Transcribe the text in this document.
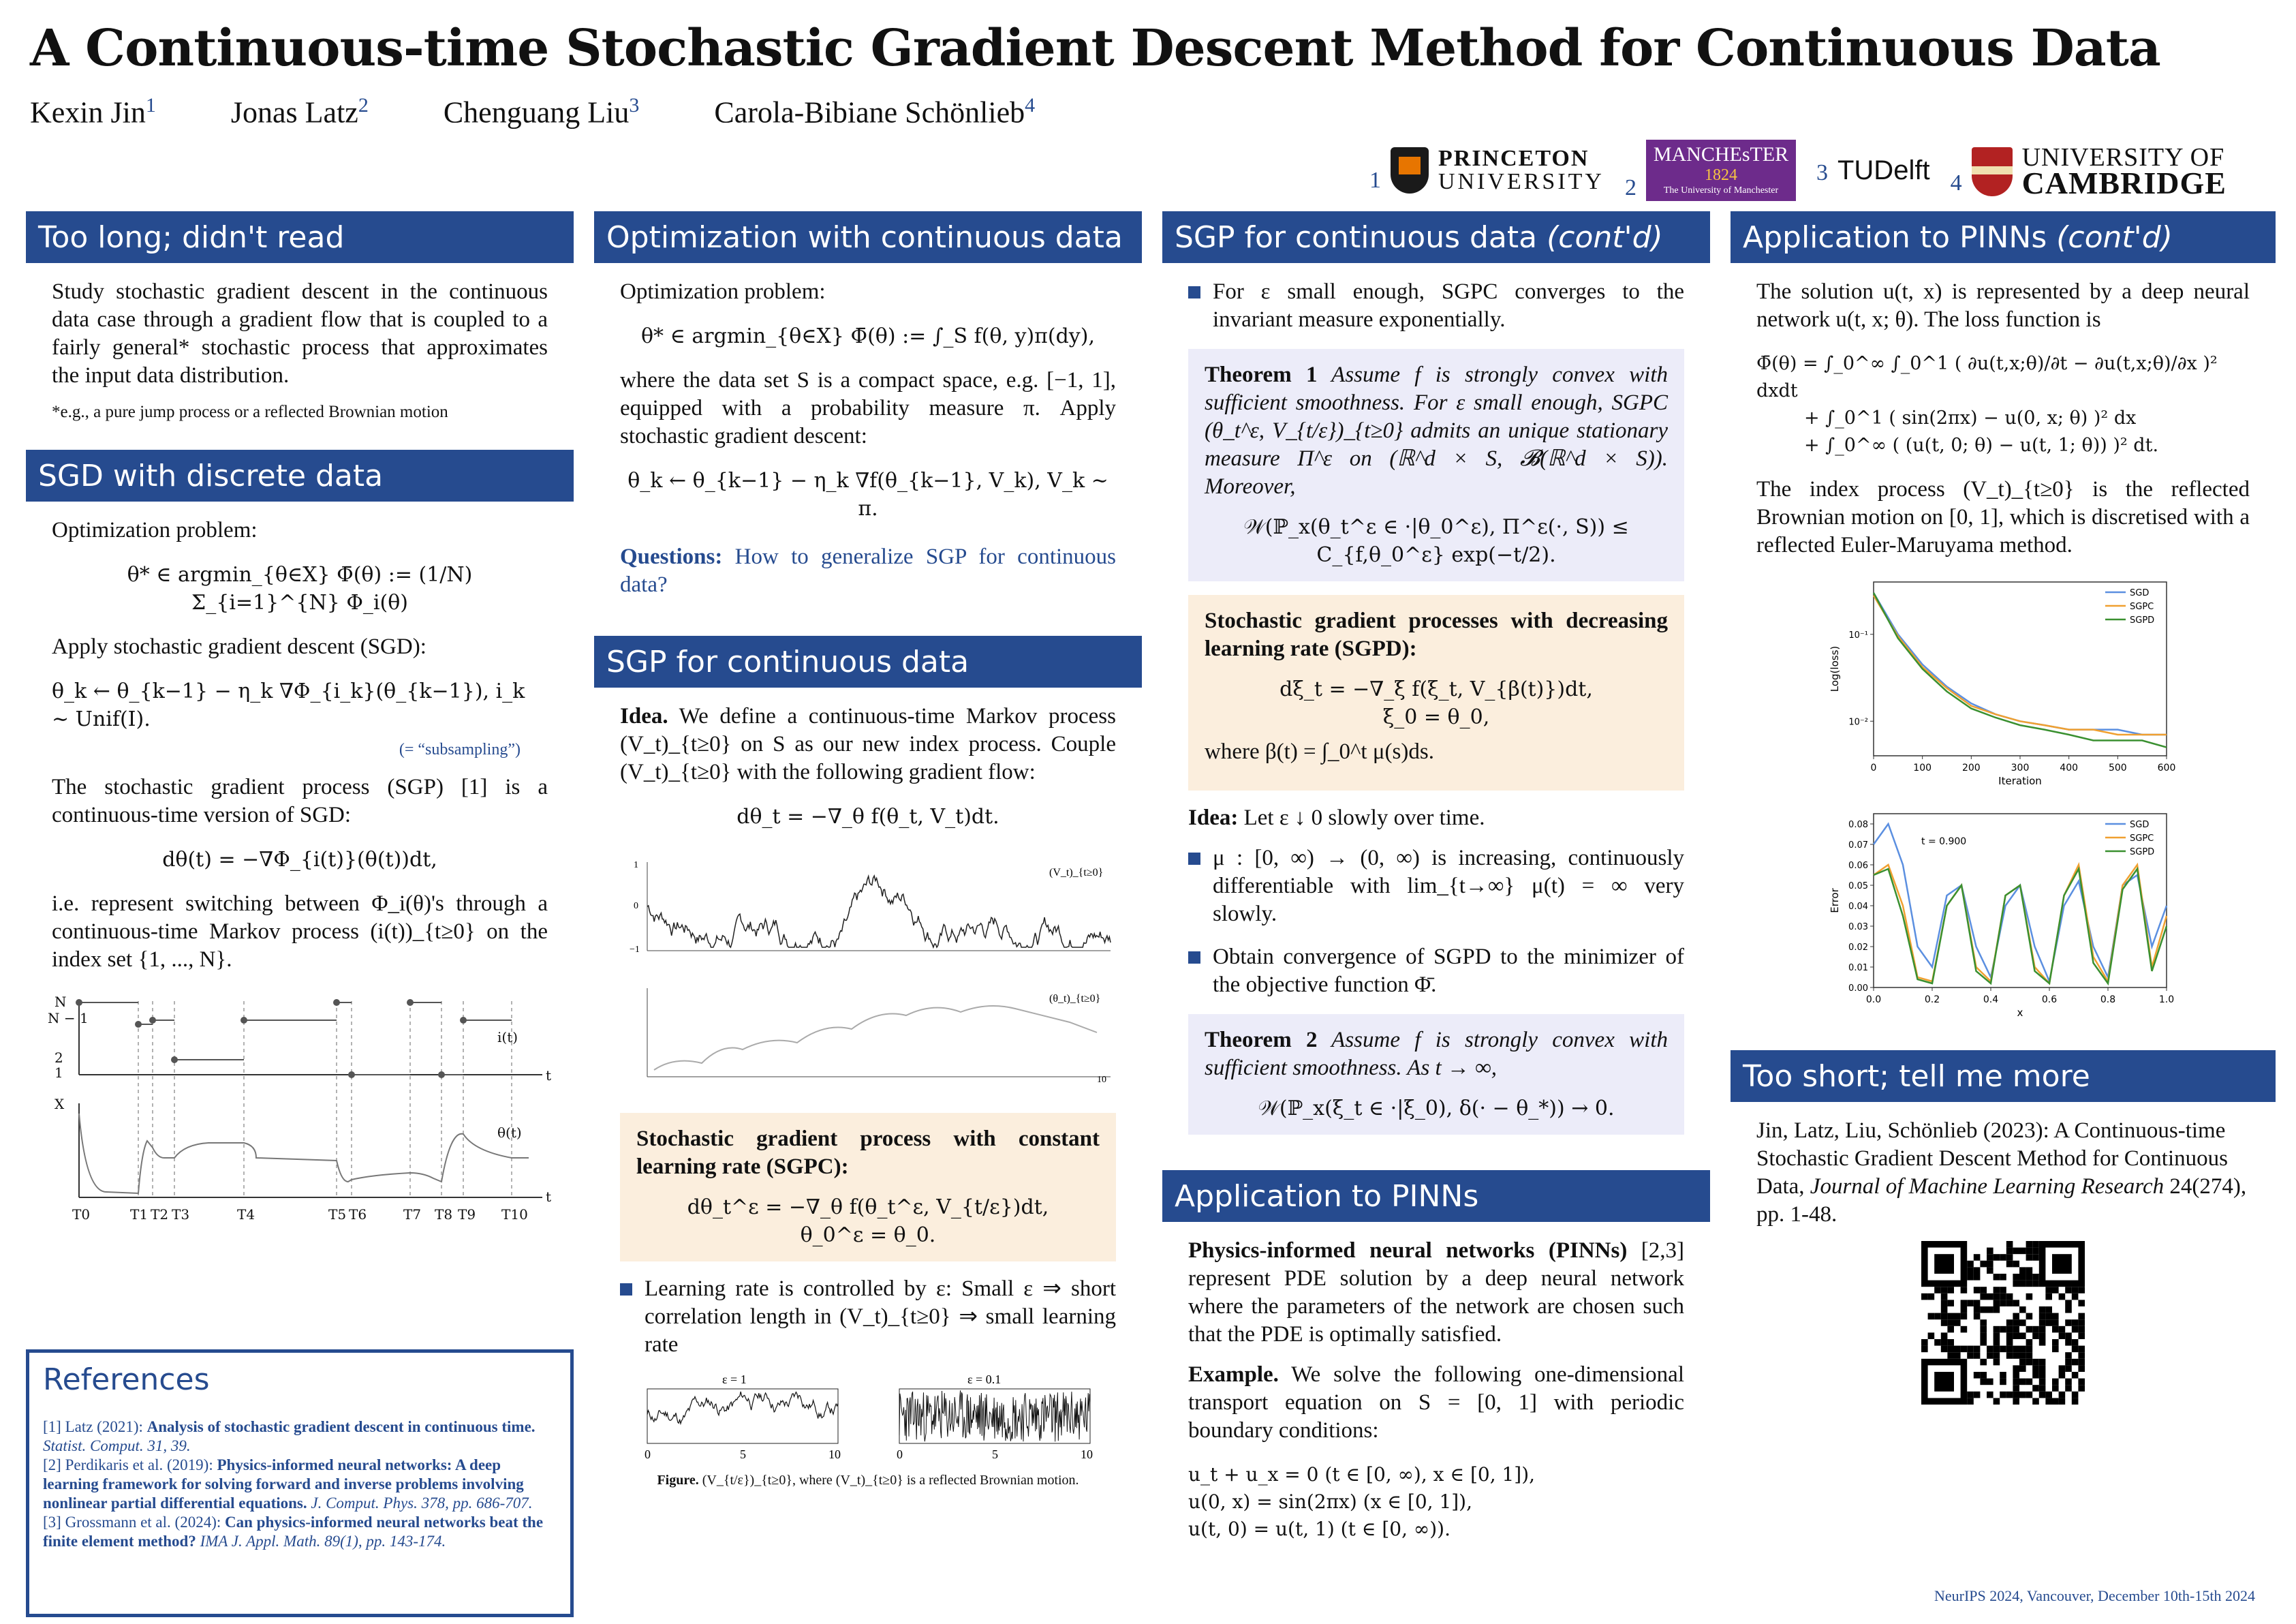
A Continuous-time Stochastic Gradient Descent Method for Continuous Data
Kexin Jin$^1$	Jonas Latz$^2$	Chenguang Liu$^3$	Carola-Bibiane Schönlieb$^4$
1
PRINCETON
UNIVERSITY 2
MANCHEsTER
1824
The University of Manchester
3 TUDelft 4
UNIVERSITY OF
CAMBRIDGE
Too long; didn't read

Study stochastic gradient descent in the continuous data case through a gradient flow that is coupled to a fairly general* stochastic process that approximates the input data distribution.

*e.g., a pure jump process or a reflected Brownian motion

SGD with discrete data

Optimization problem:

θ* ∈ argmin_{θ∈X} Φ̄(θ) := (1/N) Σ_{i=1}^{N} Φ_i(θ)

Apply stochastic gradient descent (SGD):

θ_k ← θ_{k−1} − η_k ∇Φ_{i_k}(θ_{k−1}), i_k ∼ Unif(I).
(= “subsampling”)

The stochastic gradient process (SGP) [1] is a continuous-time version of SGD:

dθ(t) = −∇Φ_{i(t)}(θ(t))dt,

i.e. represent switching between Φ_i(θ)'s through a continuous-time Markov process (i(t))_{t≥0} on the index set {1, ..., N}.

N
N − 1
2
1
X
i(t)
θ(t)
t
t
T0	T1 T2 T3	T4	T5 T6	T7 T8 T9 T10
References
[1] Latz (2021): Analysis of stochastic gradient descent in continuous time. Statist. Comput. 31, 39.
[2] Perdikaris et al. (2019): Physics-informed neural networks: A deep learning framework for solving forward and inverse problems involving nonlinear partial differential equations. J. Comput. Phys. 378, pp. 686-707.
[3] Grossmann et al. (2024): Can physics-informed neural networks beat the finite element method? IMA J. Appl. Math. 89(1), pp. 143-174.
Optimization with continuous data

Optimization problem:

θ* ∈ argmin_{θ∈X} Φ̄(θ) := ∫_S f(θ, y)π(dy),

where the data set S is a compact space, e.g. [−1, 1], equipped with a probability measure π. Apply stochastic gradient descent:

θ_k ← θ_{k−1} − η_k ∇f(θ_{k−1}, V_k), V_k ∼ π.

Questions: How to generalize SGP for continuous data?

SGP for continuous data

Idea. We define a continuous-time Markov process (V_t)_{t≥0} on S as our new index process. Couple (V_t)_{t≥0} with the following gradient flow:

dθ_t = −∇_θ f(θ_t, V_t)dt.
1
0
−1
(V_t)_{t≥0}

10
(θ_t)_{t≥0}

Stochastic gradient process with constant learning rate (SGPC):

dθ_t^ε = −∇_θ f(θ_t^ε, V_{t/ε})dt,
θ_0^ε = θ_0.
Learning rate is controlled by ε: Small ε ⇒ short correlation length in (V_t)_{t≥0} ⇒ small learning rate
ε = 1
0	5	10
ε = 0.1
0	5	10
Figure. (V_{t/ε})_{t≥0}, where (V_t)_{t≥0} is a reflected Brownian motion.
SGP for continuous data (cont'd)
For ε small enough, SGPC converges to the invariant measure exponentially.

Theorem 1 Assume f is strongly convex with sufficient smoothness. For ε small enough, SGPC (θ_t^ε, V_{t/ε})_{t≥0} admits an unique stationary measure Π^ε on (ℝ^d × S, 𝓑(ℝ^d × S)). Moreover,

𝒲(ℙ_x(θ_t^ε ∈ ·|θ_0^ε), Π^ε(·, S)) ≤ C_{f,θ_0^ε} exp(−t/2).

Stochastic gradient processes with decreasing learning rate (SGPD):

dξ_t = −∇_ξ f(ξ_t, V_{β(t)})dt,
ξ_0 = θ_0,

where β(t) = ∫_0^t μ(s)ds.

Idea: Let ε ↓ 0 slowly over time.

μ : [0, ∞) → (0, ∞) is increasing, continuously differentiable with lim_{t→∞} μ(t) = ∞ very slowly.
Obtain convergence of SGPD to the minimizer of the objective function Φ̄.

Theorem 2 Assume f is strongly convex with sufficient smoothness. As t → ∞,

𝒲(ℙ_x(ξ_t ∈ ·|ξ_0), δ(· − θ_*)) → 0.
Application to PINNs

Physics-informed neural networks (PINNs) [2,3] represent PDE solution by a deep neural network where the parameters of the network are chosen such that the PDE is optimally satisfied.

Example. We solve the following one-dimensional transport equation on S = [0, 1] with periodic boundary conditions:

u_t + u_x = 0 (t ∈ [0, ∞), x ∈ [0, 1]),
u(0, x) = sin(2πx) (x ∈ [0, 1]),
u(t, 0) = u(t, 1) (t ∈ [0, ∞)).
Application to PINNs (cont'd)

The solution u(t, x) is represented by a deep neural network u(t, x; θ). The loss function is

Φ̄(θ) = ∫_0^∞ ∫_0^1 ( ∂u(t,x;θ)/∂t − ∂u(t,x;θ)/∂x )² dxdt
+ ∫_0^1 ( sin(2πx) − u(0, x; θ) )² dx
+ ∫_0^∞ ( (u(t, 0; θ) − u(t, 1; θ)) )² dt.

The index process (V_t)_{t≥0} is the reflected Brownian motion on [0, 1], which is discretised with a reflected Euler-Maruyama method.

0	100	200	300	400	500	600
10⁻¹
10⁻²
Iteration
Log(loss)
SGD
SGPC
SGPD
0.0	0.2	0.4	0.6	0.8	1.0
0.00
0.01
0.02
0.03
0.04
0.05
0.06
0.07
0.08
x
Error
t = 0.900
SGD
SGPC
SGPD
Too short; tell me more

Jin, Latz, Liu, Schönlieb (2023): A Continuous-time Stochastic Gradient Descent Method for Continuous Data, Journal of Machine Learning Research 24(274), pp. 1-48.

NeurIPS 2024, Vancouver, December 10th-15th 2024
